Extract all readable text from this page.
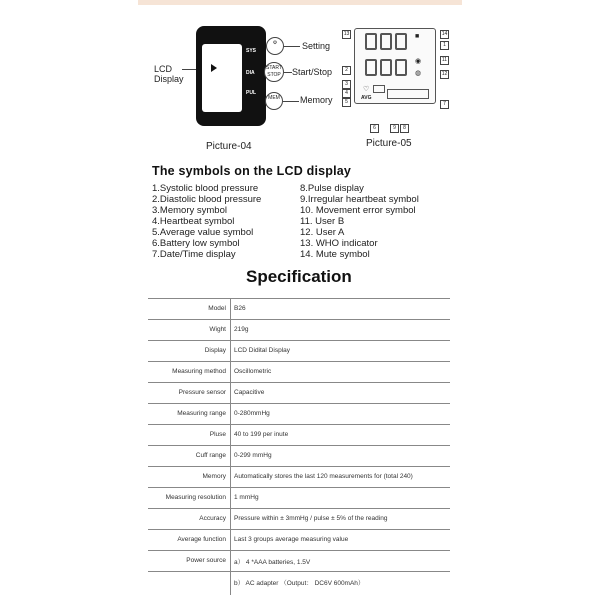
LCD
Display
SYS
DIA
PUL
⚙	Setting
START STOP	Start/Stop
MEM	Memory
Picture-04
■
◉
◍
♡
AVG
13
2
3
4
5
14
1
11
12
7
6	9	8
Picture-05
The symbols on the LCD display
1.Systolic blood pressure
2.Diastolic blood pressure
3.Memory symbol
4.Heartbeat symbol
5.Average value symbol
6.Battery low symbol
7.Date/Time display
8.Pulse display
9.Irregular heartbeat symbol
10. Movement error symbol
11. User B
12. User A
13. WHO indicator
14. Mute symbol
Specification
Model B26
Wight 219g
Display LCD Didital Display
Measuring method Oscillometric
Pressure sensor Capacitive
Measuring range 0-280mmHg
Pluse 40 to 199 per inute
Cuff range 0-299 mmHg
Memory Automatically stores the last 120 measurements for (total 240)
Measuring resolution 1 mmHg
Accuracy Pressure within ± 3mmHg / pulse ± 5% of the reading
Average function Last 3 groups average measuring value
Power source a） 4 *AAA batteries, 1.5V
b） AC adapter （Output： DC6V 600mAh）
